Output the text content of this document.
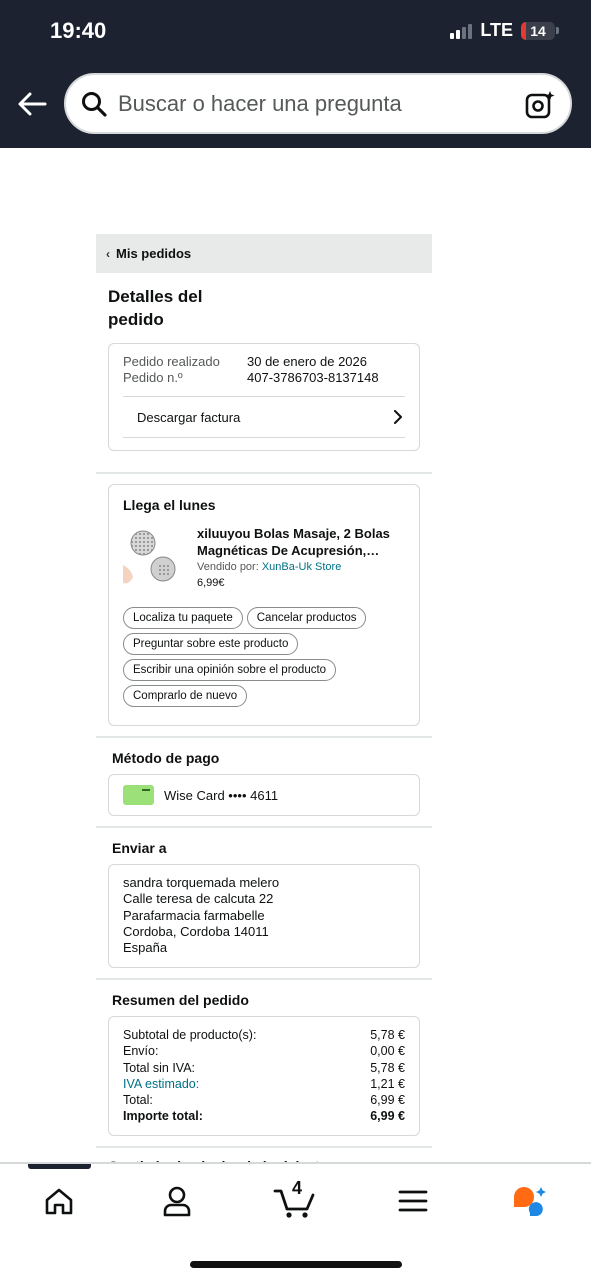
19:40	LTE 14
Buscar o hacer una pregunta
‹ Mis pedidos
Detalles del pedido
Pedido realizado	30 de enero de 2026
Pedido n.º	407-3786703-8137148
Descargar factura
Llega el lunes
xiluuyou Bolas Masaje, 2 Bolas Magnéticas De Acupresión,
Vendido por: XunBa-Uk Store
6,99€
Localiza tu paquete	Cancelar productos
Preguntar sobre este producto
Escribir una opinión sobre el producto
Comprarlo de nuevo
Método de pago
Wise Card •••• 4611
Enviar a
sandra torquemada melero
Calle teresa de calcuta 22
Parafarmacia farmabelle
Cordoba, Cordoba 14011
España
Resumen del pedido
Subtotal de producto(s):	5,78 €
Envío:	0,00 €
Total sin IVA:	5,78 €
IVA estimado:	1,21 €
Total:	6,99 €
Importe total:	6,99 €
4
